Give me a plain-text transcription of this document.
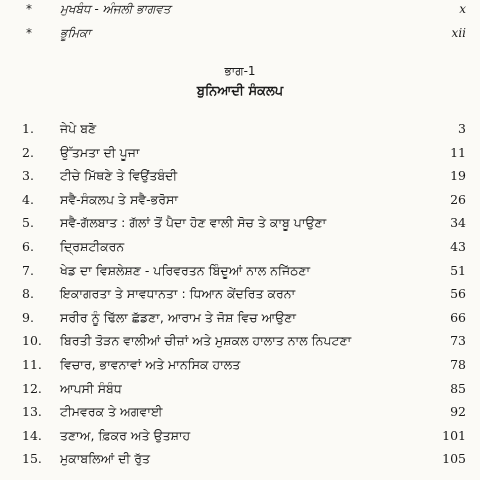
* ਮੁਖਬੰਧ - ਅੰਜਲੀ ਭਾਗਵਤ	x
* ਭੂਮਿਕਾ	xii
ਭਾਗ-1
ਬੁਨਿਆਦੀ ਸੰਕਲਪ
1.	ਜੇਪੇ ਬਣੋ	3
2.	ਉੱਤਮਤਾ ਦੀ ਪੂਜਾ	11
3.	ਟੀਚੇ ਮਿੱਥਣੇ ਤੇ ਵਿਉਂਤਬੰਦੀ	19
4.	ਸਵੈ-ਸੰਕਲਪ ਤੇ ਸਵੈ-ਭਰੋਸਾ	26
5.	ਸਵੈ-ਗੱਲਬਾਤ : ਗੱਲਾਂ ਤੋਂ ਪੈਦਾ ਹੋਣ ਵਾਲੀ ਸੋਚ ਤੇ ਕਾਬੂ ਪਾਉਣਾ	34
6.	ਦ੍ਰਿਸ਼ਟੀਕਰਨ	43
7.	ਖੇਡ ਦਾ ਵਿਸ਼ਲੇਸ਼ਣ - ਪਰਿਵਰਤਨ ਬਿੰਦੂਆਂ ਨਾਲ ਨਜਿੱਠਣਾ	51
8.	ਇਕਾਗਰਤਾ ਤੇ ਸਾਵਧਾਨਤਾ : ਧਿਆਨ ਕੇਂਦਰਿਤ ਕਰਨਾ	56
9.	ਸਰੀਰ ਨੂੰ ਢਿੱਲਾ ਛੱਡਣਾ, ਆਰਾਮ ਤੇ ਜੋਸ਼ ਵਿਚ ਆਉਣਾ	66
10.	ਬਿਰਤੀ ਤੋੜਨ ਵਾਲੀਆਂ ਚੀਜ਼ਾਂ ਅਤੇ ਮੁਸ਼ਕਲ ਹਾਲਾਤ ਨਾਲ ਨਿਪਟਣਾ	73
11.	ਵਿਚਾਰ, ਭਾਵਨਾਵਾਂ ਅਤੇ ਮਾਨਸਿਕ ਹਾਲਤ	78
12.	ਆਪਸੀ ਸੰਬੰਧ	85
13.	ਟੀਮਵਰਕ ਤੇ ਅਗਵਾਈ	92
14.	ਤਣਾਅ, ਫ਼ਿਕਰ ਅਤੇ ਉਤਸ਼ਾਹ	101
15.	ਮੁਕਾਬਲਿਆਂ ਦੀ ਰੁੱਤ	105
